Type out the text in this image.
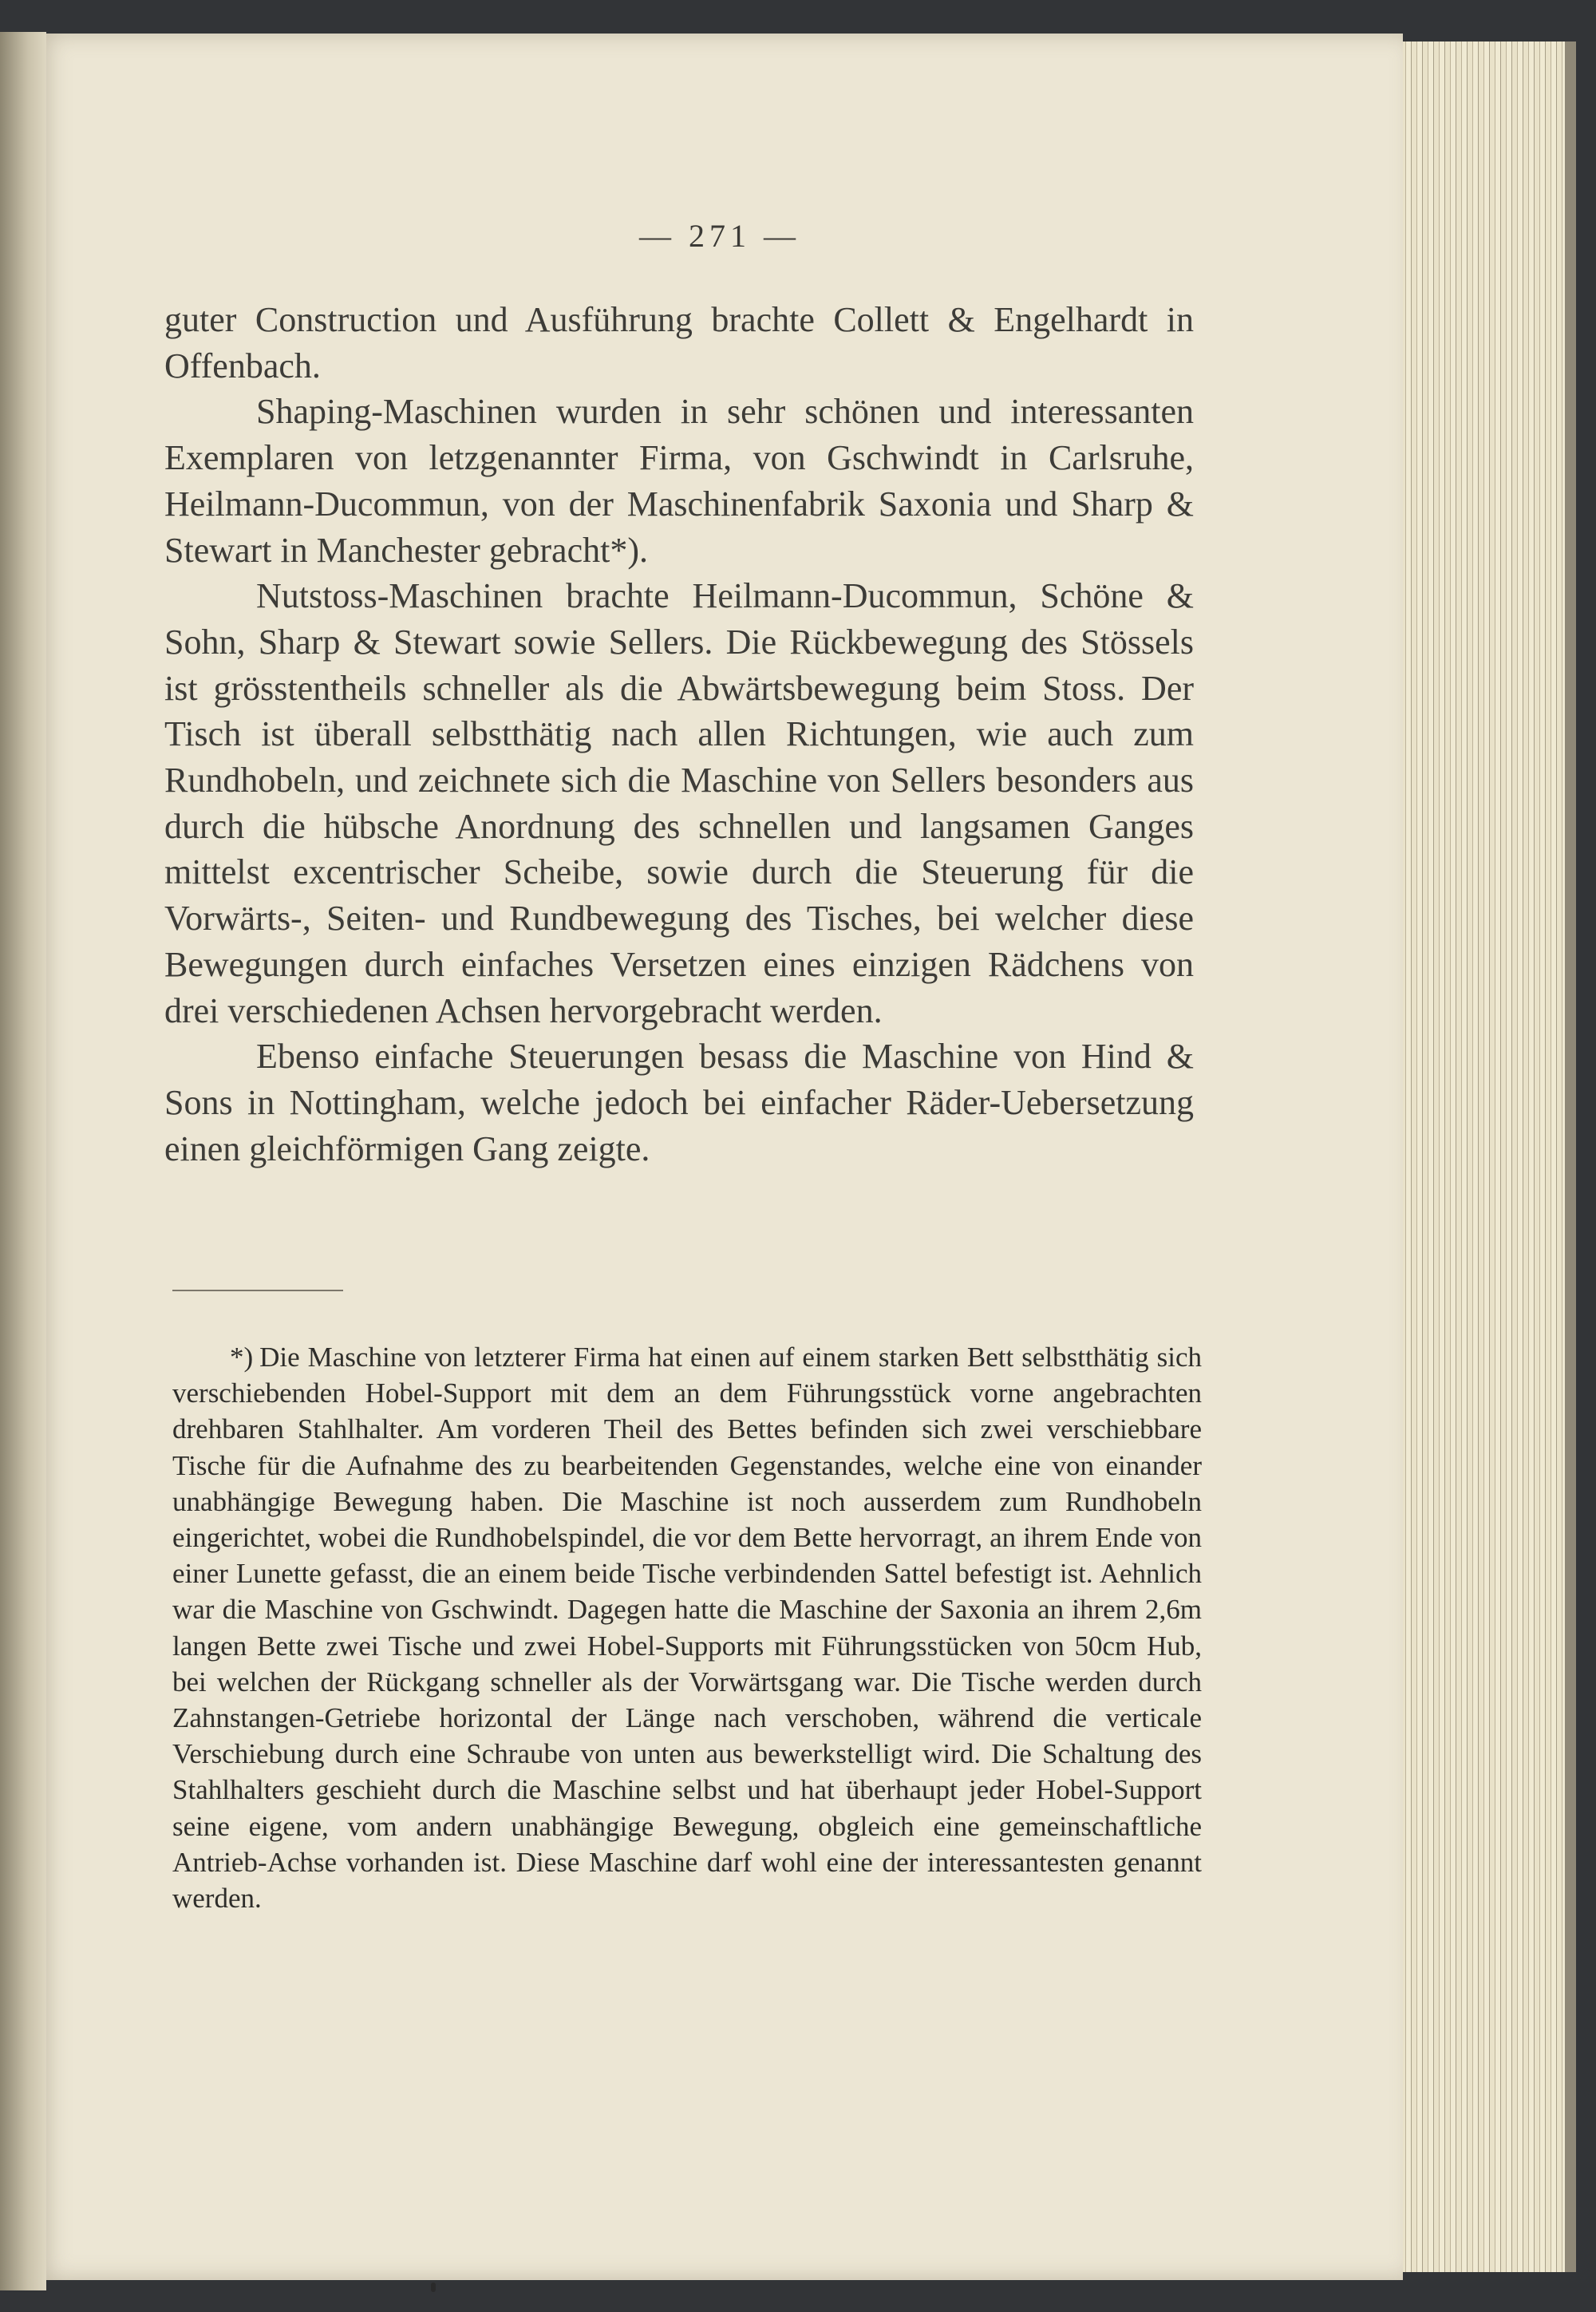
— 271 —

guter Construction und Ausführung brachte Collett & Engelhardt in Offenbach.

Shaping-Maschinen wurden in sehr schönen und interessanten Exemplaren von letzgenannter Firma, von Gschwindt in Carlsruhe, Heilmann-Ducommun, von der Maschinenfabrik Saxonia und Sharp & Stewart in Manchester gebracht*).

Nutstoss-Maschinen brachte Heilmann-Ducommun, Schöne & Sohn, Sharp & Stewart sowie Sellers. Die Rückbewegung des Stössels ist grösstentheils schneller als die Abwärtsbewegung beim Stoss. Der Tisch ist überall selbstthätig nach allen Richtungen, wie auch zum Rundhobeln, und zeichnete sich die Maschine von Sellers besonders aus durch die hübsche Anordnung des schnellen und langsamen Ganges mittelst excentrischer Scheibe, sowie durch die Steuerung für die Vorwärts-, Seiten- und Rundbewegung des Tisches, bei welcher diese Bewegungen durch einfaches Versetzen eines einzigen Rädchens von drei verschiedenen Achsen hervorgebracht werden.

Ebenso einfache Steuerungen besass die Maschine von Hind & Sons in Nottingham, welche jedoch bei einfacher Räder-Uebersetzung einen gleichförmigen Gang zeigte.

*) Die Maschine von letzterer Firma hat einen auf einem starken Bett selbstthätig sich verschiebenden Hobel-Support mit dem an dem Führungsstück vorne angebrachten drehbaren Stahlhalter. Am vorderen Theil des Bettes befinden sich zwei verschiebbare Tische für die Aufnahme des zu bearbeitenden Gegenstandes, welche eine von einander unabhängige Bewegung haben. Die Maschine ist noch ausserdem zum Rundhobeln eingerichtet, wobei die Rundhobelspindel, die vor dem Bette hervorragt, an ihrem Ende von einer Lunette gefasst, die an einem beide Tische verbindenden Sattel befestigt ist. Aehnlich war die Maschine von Gschwindt. Dagegen hatte die Maschine der Saxonia an ihrem 2,6m langen Bette zwei Tische und zwei Hobel-Supports mit Führungsstücken von 50cm Hub, bei welchen der Rückgang schneller als der Vorwärtsgang war. Die Tische werden durch Zahnstangen-Getriebe horizontal der Länge nach verschoben, während die verticale Verschiebung durch eine Schraube von unten aus bewerkstelligt wird. Die Schaltung des Stahlhalters geschieht durch die Maschine selbst und hat überhaupt jeder Hobel-Support seine eigene, vom andern unabhängige Bewegung, obgleich eine gemeinschaftliche Antrieb-Achse vorhanden ist. Diese Maschine darf wohl eine der interessantesten genannt werden.
